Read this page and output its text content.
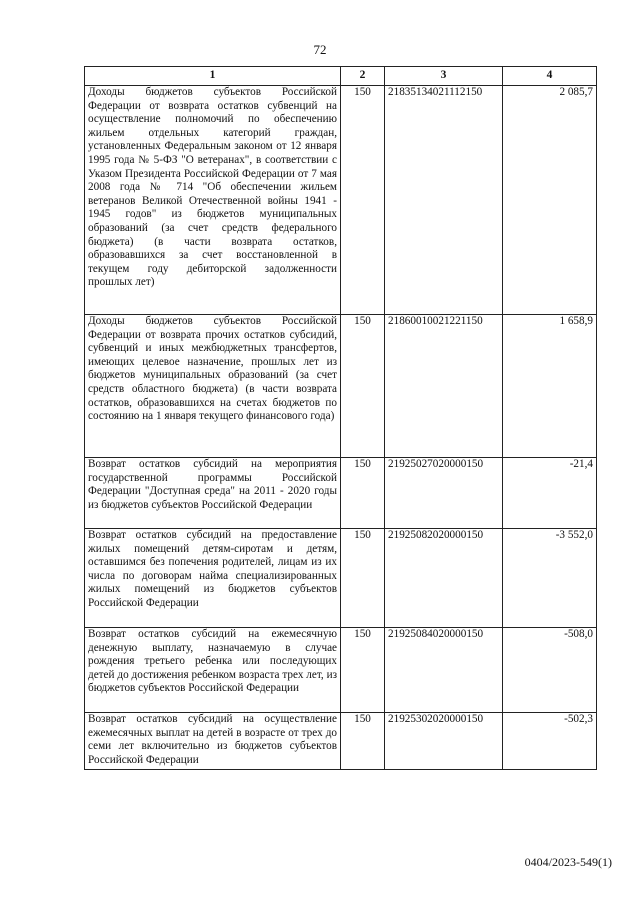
72
1	2	3	4
Доходы бюджетов субъектов Российской Федерации от возврата остатков субвенций на осуществление полномочий по обеспечению жильем отдельных категорий граждан, установленных Федеральным законом от 12 января 1995 года № 5-ФЗ "О ветеранах", в соответствии с Указом Президента Российской Федерации от 7 мая 2008 года № 714 "Об обеспечении жильем ветеранов Великой Отечественной войны 1941 - 1945 годов" из бюджетов муниципальных образований (за счет средств федерального бюджета) (в части возврата остатков, образовавшихся за счет восстановленной в текущем году дебиторской задолженности прошлых лет)	150	21835134021112150	2 085,7
Доходы бюджетов субъектов Российской Федерации от возврата прочих остатков субсидий, субвенций и иных межбюджетных трансфертов, имеющих целевое назначение, прошлых лет из бюджетов муниципальных образований (за счет средств областного бюджета) (в части возврата остатков, образовавшихся на счетах бюджетов по состоянию на 1 января текущего финансового года)	150	21860010021221150	1 658,9
Возврат остатков субсидий на мероприятия государственной программы Российской Федерации "Доступная среда" на 2011 - 2020 годы из бюджетов субъектов Российской Федерации	150	21925027020000150	-21,4
Возврат остатков субсидий на предоставление жилых помещений детям-сиротам и детям, оставшимся без попечения родителей, лицам из их числа по договорам найма специализированных жилых помещений из бюджетов субъектов Российской Федерации	150	21925082020000150	-3 552,0
Возврат остатков субсидий на ежемесячную денежную выплату, назначаемую в случае рождения третьего ребенка или последующих детей до достижения ребенком возраста трех лет, из бюджетов субъектов Российской Федерации	150	21925084020000150	-508,0
Возврат остатков субсидий на осуществление ежемесячных выплат на детей в возрасте от трех до семи лет включительно из бюджетов субъектов Российской Федерации	150	21925302020000150	-502,3
0404/2023-549(1)
